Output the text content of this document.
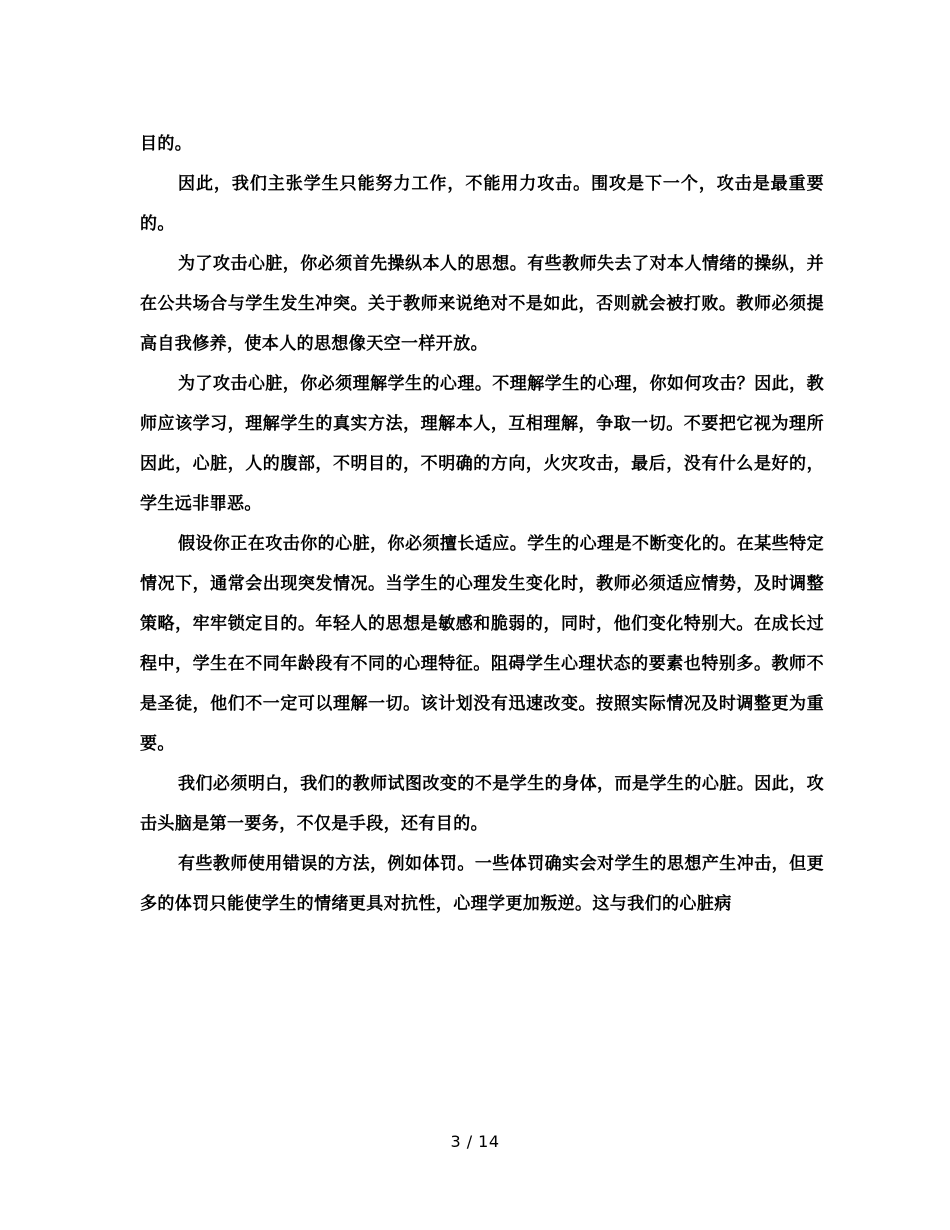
目的。

因此，我们主张学生只能努力工作，不能用力攻击。围攻是下一个，攻击是最重要的。

为了攻击心脏，你必须首先操纵本人的思想。有些教师失去了对本人情绪的操纵，并在公共场合与学生发生冲突。关于教师来说绝对不是如此，否则就会被打败。教师必须提高自我修养，使本人的思想像天空一样开放。

为了攻击心脏，你必须理解学生的心理。不理解学生的心理，你如何攻击？因此，教师应该学习，理解学生的真实方法，理解本人，互相理解，争取一切。不要把它视为理所因此，心脏，人的腹部，不明目的，不明确的方向，火灾攻击，最后，没有什么是好的，学生远非罪恶。

假设你正在攻击你的心脏，你必须擅长适应。学生的心理是不断变化的。在某些特定情况下，通常会出现突发情况。当学生的心理发生变化时，教师必须适应情势，及时调整策略，牢牢锁定目的。年轻人的思想是敏感和脆弱的，同时，他们变化特别大。在成长过程中，学生在不同年龄段有不同的心理特征。阻碍学生心理状态的要素也特别多。教师不是圣徒，他们不一定可以理解一切。该计划没有迅速改变。按照实际情况及时调整更为重要。

我们必须明白，我们的教师试图改变的不是学生的身体，而是学生的心脏。因此，攻击头脑是第一要务，不仅是手段，还有目的。

有些教师使用错误的方法，例如体罚。一些体罚确实会对学生的思想产生冲击，但更多的体罚只能使学生的情绪更具对抗性，心理学更加叛逆。这与我们的心脏病

3 / 14
